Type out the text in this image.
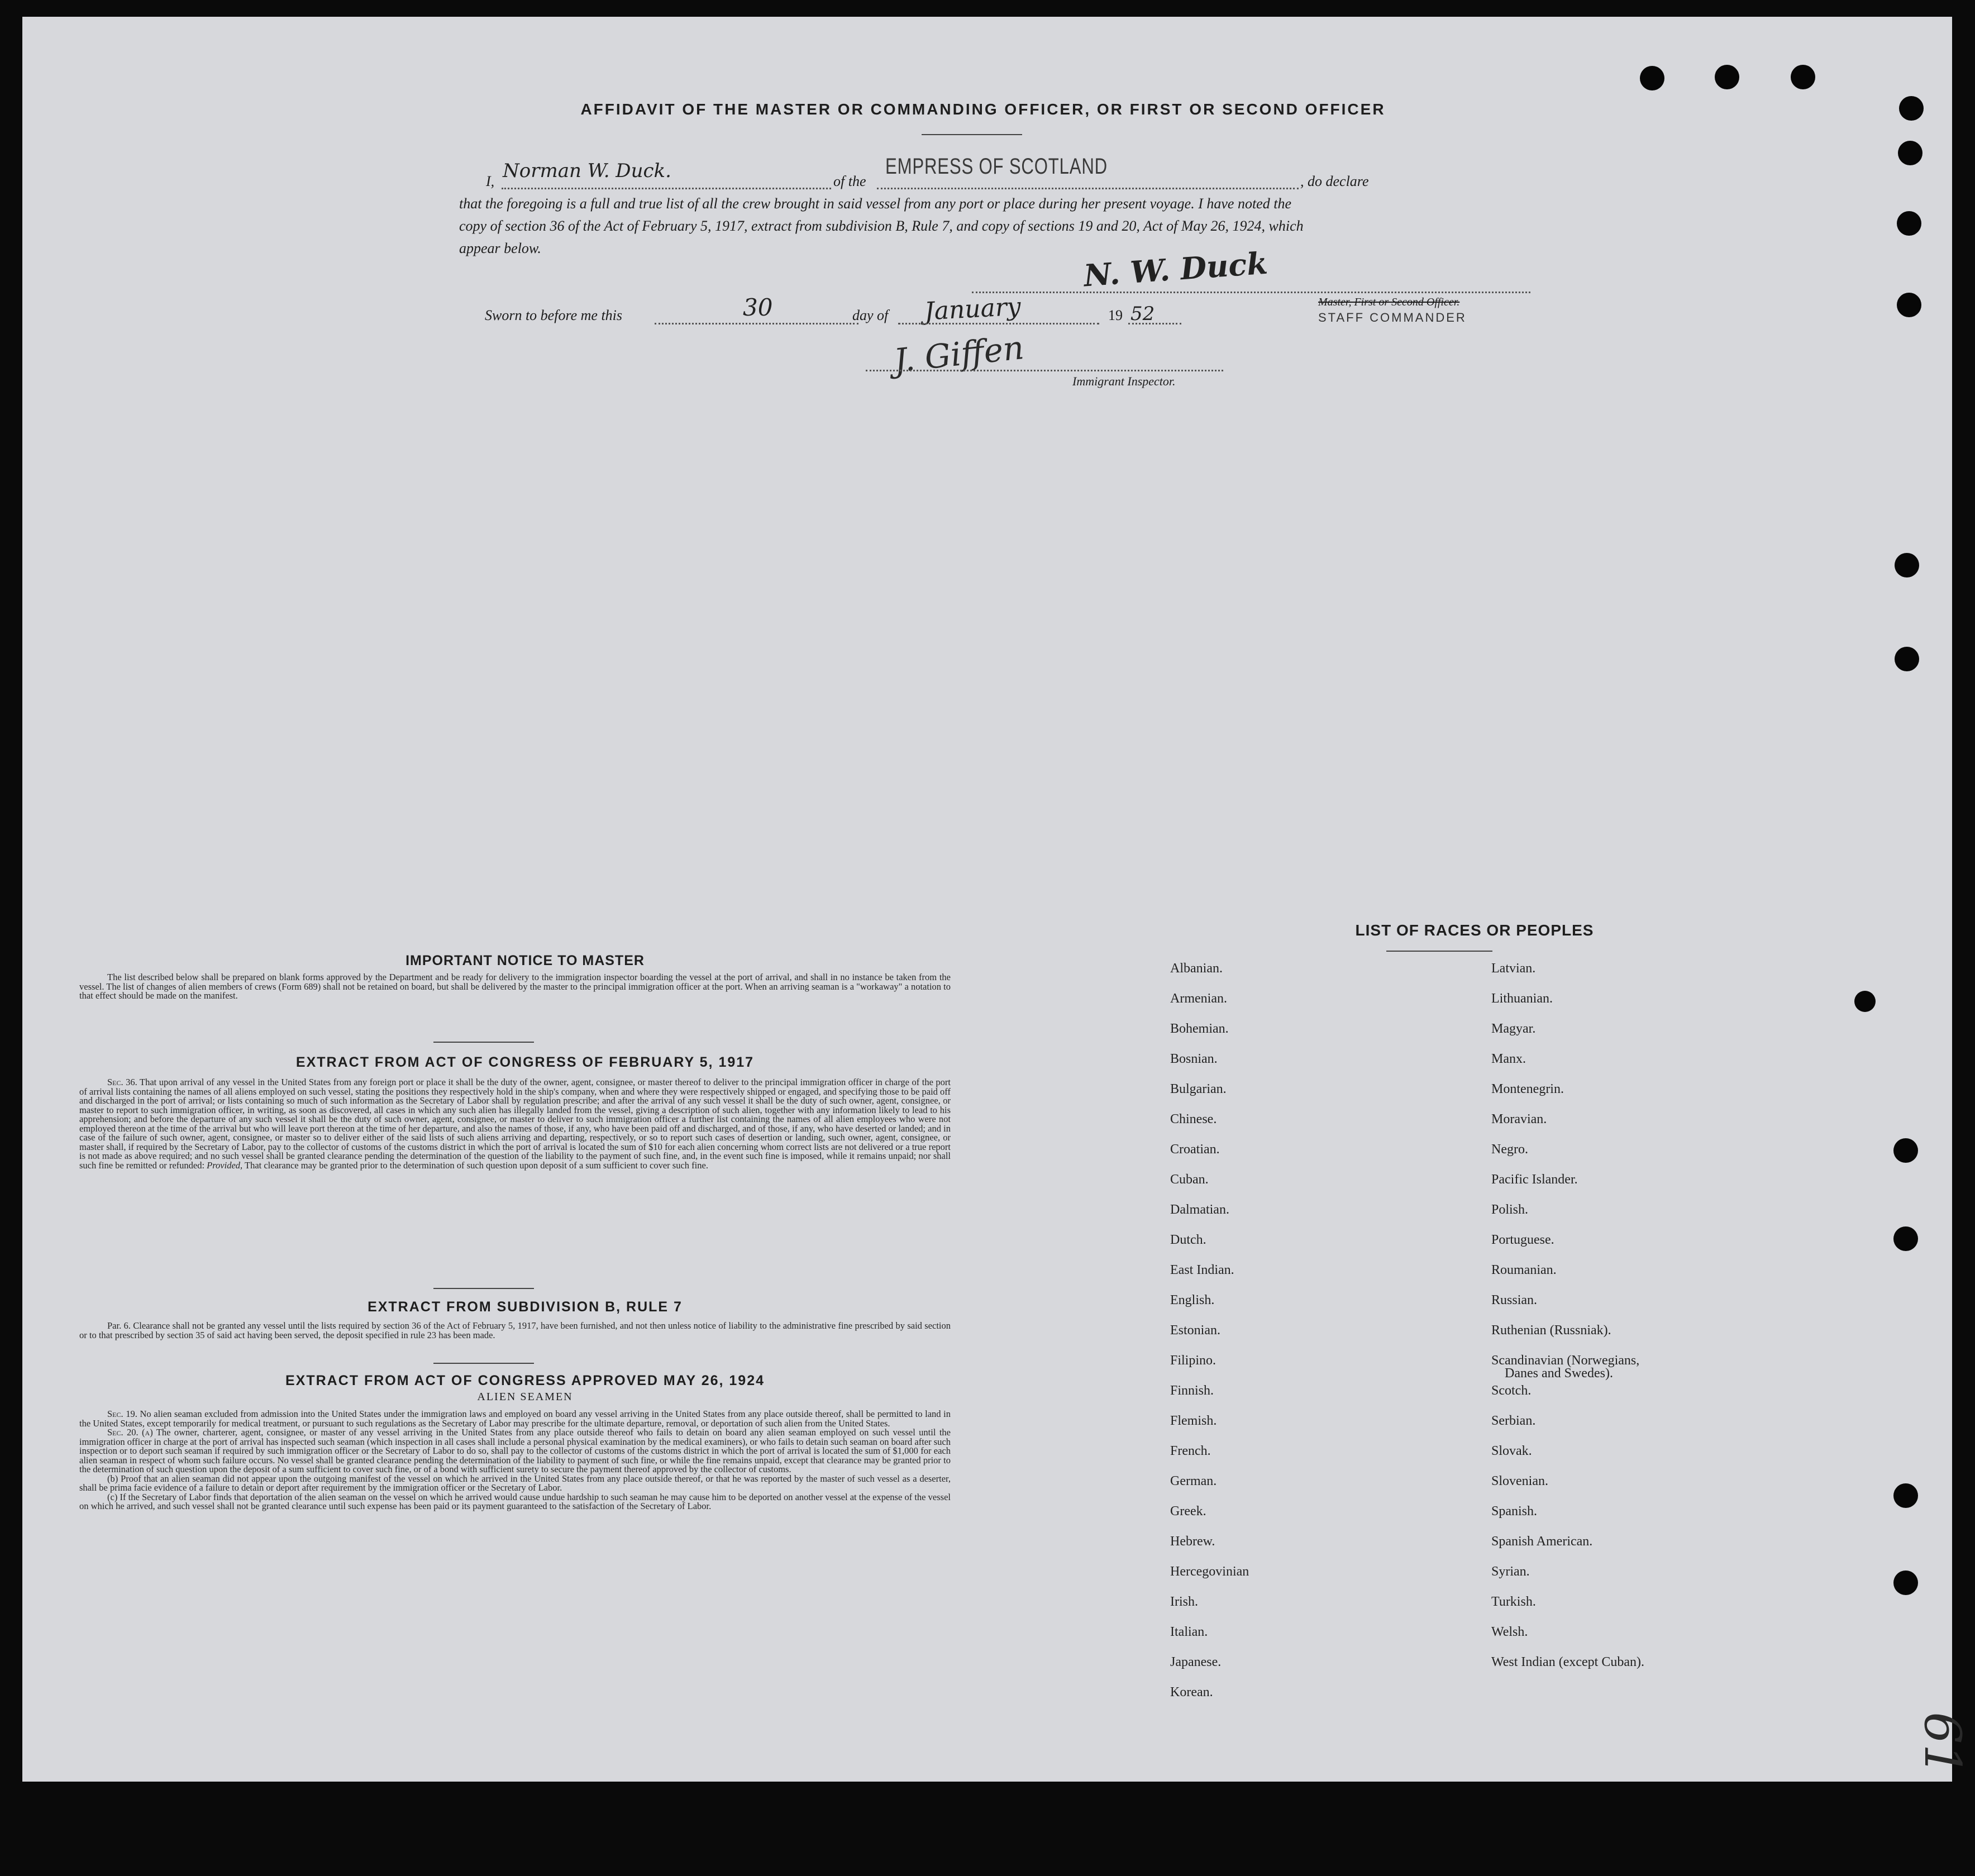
AFFIDAVIT OF THE MASTER OR COMMANDING OFFICER, OR FIRST OR SECOND OFFICER
I, Norman W. Duck.	of the
EMPRESS OF SCOTLAND
, do declare
that the foregoing is a full and true list of all the crew brought in said vessel from any port or place during her present voyage. I have noted the
copy of section 36 of the Act of February 5, 1917, extract from subdivision B, Rule 7, and copy of sections 19 and 20, Act of May 26, 1924, which
appear below.	N. W. Duck
Master, First or Second Officer.
STAFF COMMANDER
Sworn to before me this	30	day of January	19 52
J. Giffen
Immigrant Inspector.
IMPORTANT NOTICE TO MASTER

The list described below shall be prepared on blank forms approved by the Department and be ready for delivery to the immigration inspector boarding the vessel at the port of arrival, and shall in no instance be taken from the vessel. The list of changes of alien members of crews (Form 689) shall not be retained on board, but shall be delivered by the master to the principal immigration officer at the port. When an arriving seaman is a "workaway" a notation to that effect should be made on the manifest.

EXTRACT FROM ACT OF CONGRESS OF FEBRUARY 5, 1917

Sec. 36. That upon arrival of any vessel in the United States from any foreign port or place it shall be the duty of the owner, agent, consignee, or master thereof to deliver to the principal immigration officer in charge of the port of arrival lists containing the names of all aliens employed on such vessel, stating the positions they respectively hold in the ship's company, when and where they were respectively shipped or engaged, and specifying those to be paid off and discharged in the port of arrival; or lists containing so much of such information as the Secretary of Labor shall by regulation prescribe; and after the arrival of any such vessel it shall be the duty of such owner, agent, consignee, or master to report to such immigration officer, in writing, as soon as discovered, all cases in which any such alien has illegally landed from the vessel, giving a description of such alien, together with any information likely to lead to his apprehension; and before the departure of any such vessel it shall be the duty of such owner, agent, consignee, or master to deliver to such immigration officer a further list containing the names of all alien employees who were not employed thereon at the time of the arrival but who will leave port thereon at the time of her departure, and also the names of those, if any, who have been paid off and discharged, and of those, if any, who have deserted or landed; and in case of the failure of such owner, agent, consignee, or master so to deliver either of the said lists of such aliens arriving and departing, respectively, or so to report such cases of desertion or landing, such owner, agent, consignee, or master shall, if required by the Secretary of Labor, pay to the collector of customs of the customs district in which the port of arrival is located the sum of $10 for each alien concerning whom correct lists are not delivered or a true report is not made as above required; and no such vessel shall be granted clearance pending the determination of the question of the liability to the payment of such fine, and, in the event such fine is imposed, while it remains unpaid; nor shall such fine be remitted or refunded: Provided, That clearance may be granted prior to the determination of such question upon deposit of a sum sufficient to cover such fine.

EXTRACT FROM SUBDIVISION B, RULE 7

Par. 6. Clearance shall not be granted any vessel until the lists required by section 36 of the Act of February 5, 1917, have been furnished, and not then unless notice of liability to the administrative fine prescribed by said section or to that prescribed by section 35 of said act having been served, the deposit specified in rule 23 has been made.

EXTRACT FROM ACT OF CONGRESS APPROVED MAY 26, 1924
ALIEN SEAMEN

Sec. 19. No alien seaman excluded from admission into the United States under the immigration laws and employed on board any vessel arriving in the United States from any place outside thereof, shall be permitted to land in the United States, except temporarily for medical treatment, or pursuant to such regulations as the Secretary of Labor may prescribe for the ultimate departure, removal, or deportation of such alien from the United States.

Sec. 20. (a) The owner, charterer, agent, consignee, or master of any vessel arriving in the United States from any place outside thereof who fails to detain on board any alien seaman employed on such vessel until the immigration officer in charge at the port of arrival has inspected such seaman (which inspection in all cases shall include a personal physical examination by the medical examiners), or who fails to detain such seaman on board after such inspection or to deport such seaman if required by such immigration officer or the Secretary of Labor to do so, shall pay to the collector of customs of the customs district in which the port of arrival is located the sum of $1,000 for each alien seaman in respect of whom such failure occurs. No vessel shall be granted clearance pending the determination of the liability to payment of such fine, or while the fine remains unpaid, except that clearance may be granted prior to the determination of such question upon the deposit of a sum sufficient to cover such fine, or of a bond with sufficient surety to secure the payment thereof approved by the collector of customs.

(b) Proof that an alien seaman did not appear upon the outgoing manifest of the vessel on which he arrived in the United States from any place outside thereof, or that he was reported by the master of such vessel as a deserter, shall be prima facie evidence of a failure to detain or deport after requirement by the immigration officer or the Secretary of Labor.

(c) If the Secretary of Labor finds that deportation of the alien seaman on the vessel on which he arrived would cause undue hardship to such seaman he may cause him to be deported on another vessel at the expense of the vessel on which he arrived, and such vessel shall not be granted clearance until such expense has been paid or its payment guaranteed to the satisfaction of the Secretary of Labor.

LIST OF RACES OR PEOPLES
Albanian.
Armenian.
Bohemian.
Bosnian.
Bulgarian.
Chinese.
Croatian.
Cuban.
Dalmatian.
Dutch.
East Indian.
English.
Estonian.
Filipino.
Finnish.
Flemish.
French.
German.
Greek.
Hebrew.
Hercegovinian
Irish.
Italian.
Japanese.
Korean.
Latvian.
Lithuanian.
Magyar.
Manx.
Montenegrin.
Moravian.
Negro.
Pacific Islander.
Polish.
Portuguese.
Roumanian.
Russian.
Ruthenian (Russniak).
Scandinavian (Norwegians,
Danes and Swedes).
Scotch.
Serbian.
Slovak.
Slovenian.
Spanish.
Spanish American.
Syrian.
Turkish.
Welsh.
West Indian (except Cuban).
61
